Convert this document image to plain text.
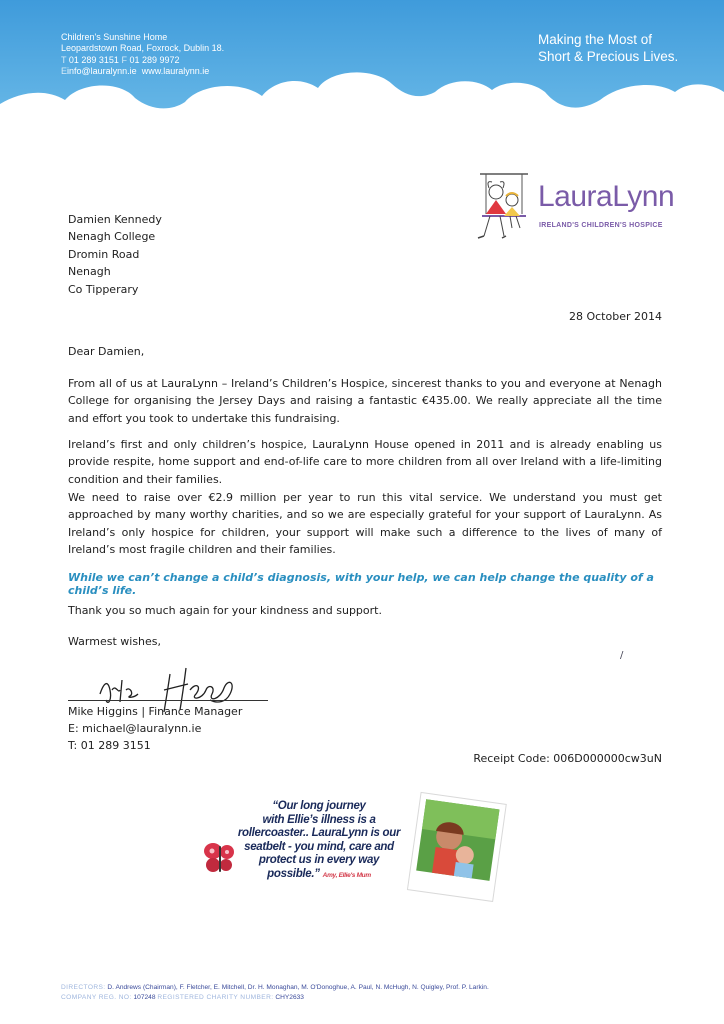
Children's Sunshine Home
Leopardstown Road, Foxrock, Dublin 18.
T 01 289 3151 F 01 289 9972
Einfo@lauralynn.ie www.lauralynn.ie
Making the Most of
Short & Precious Lives.
LauraLynn
IRELAND'S CHILDREN'S HOSPICE
Damien Kennedy
Nenagh College
Dromin Road
Nenagh
Co Tipperary
28 October 2014
Dear Damien,

From all of us at LauraLynn – Ireland’s Children’s Hospice, sincerest thanks to you and everyone at Nenagh College for organising the Jersey Days and raising a fantastic €435.00. We really appreciate all the time and effort you took to undertake this fundraising.

Ireland’s first and only children’s hospice, LauraLynn House opened in 2011 and is already enabling us provide respite, home support and end-of-life care to more children from all over Ireland with a life-limiting condition and their families.

We need to raise over €2.9 million per year to run this vital service. We understand you must get approached by many worthy charities, and so we are especially grateful for your support of LauraLynn. As Ireland’s only hospice for children, your support will make such a difference to the lives of many of Ireland’s most fragile children and their families.

While we can’t change a child’s diagnosis, with your help, we can help change the quality of a child’s life.
Thank you so much again for your kindness and support.
Warmest wishes,
/
Mike Higgins | Finance Manager
E: michael@lauralynn.ie
T: 01 289 3151
Receipt Code: 006D000000cw3uN
“Our long journey
with Ellie’s illness is a
rollercoaster.. LauraLynn is our
seatbelt - you mind, care and
protect us in every way
possible.” Amy, Ellie's Mum
DIRECTORS: D. Andrews (Chairman), F. Fletcher, E. Mitchell, Dr. H. Monaghan, M. O'Donoghue, A. Paul, N. McHugh, N. Quigley, Prof. P. Larkin.
COMPANY REG. NO: 107248 REGISTERED CHARITY NUMBER: CHY2633
